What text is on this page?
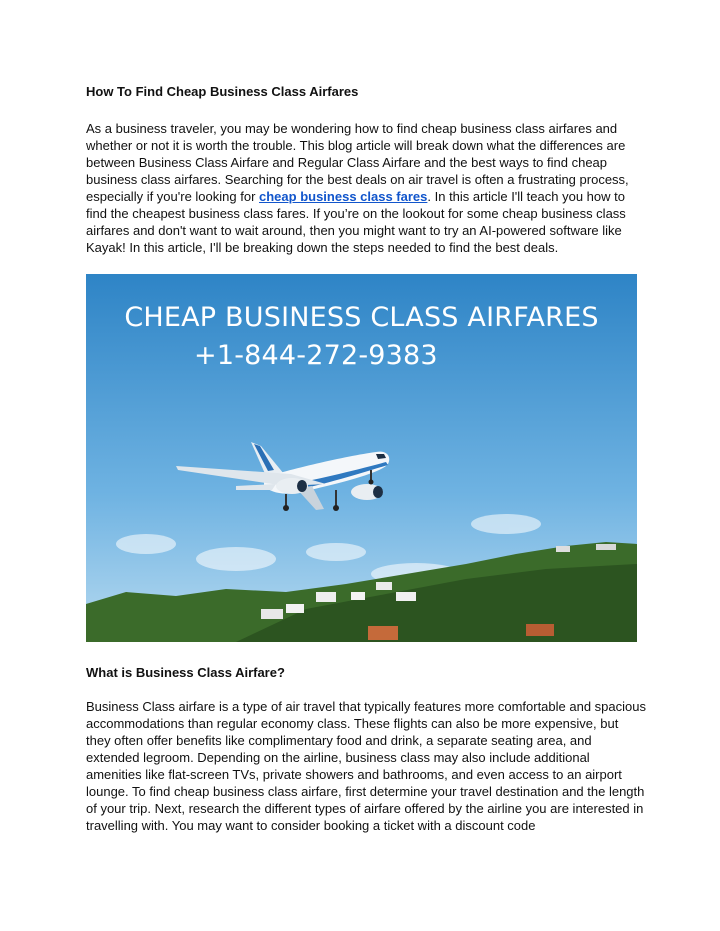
How To Find Cheap Business Class Airfares
As a business traveler, you may be wondering how to find cheap business class airfares and whether or not it is worth the trouble. This blog article will break down what the differences are between Business Class Airfare and Regular Class Airfare and the best ways to find cheap business class airfares. Searching for the best deals on air travel is often a frustrating process, especially if you're looking for cheap business class fares. In this article I'll teach you how to find the cheapest business class fares. If you’re on the lookout for some cheap business class airfares and don't want to wait around, then you might want to try an AI-powered software like Kayak! In this article, I'll be breaking down the steps needed to find the best deals.
CHEAP BUSINESS CLASS AIRFARES
+1-844-272-9383
What is Business Class Airfare?
Business Class airfare is a type of air travel that typically features more comfortable and spacious accommodations than regular economy class. These flights can also be more expensive, but they often offer benefits like complimentary food and drink, a separate seating area, and extended legroom. Depending on the airline, business class may also include additional amenities like flat-screen TVs, private showers and bathrooms, and even access to an airport lounge. To find cheap business class airfare, first determine your travel destination and the length of your trip. Next, research the different types of airfare offered by the airline you are interested in travelling with. You may want to consider booking a ticket with a discount code
